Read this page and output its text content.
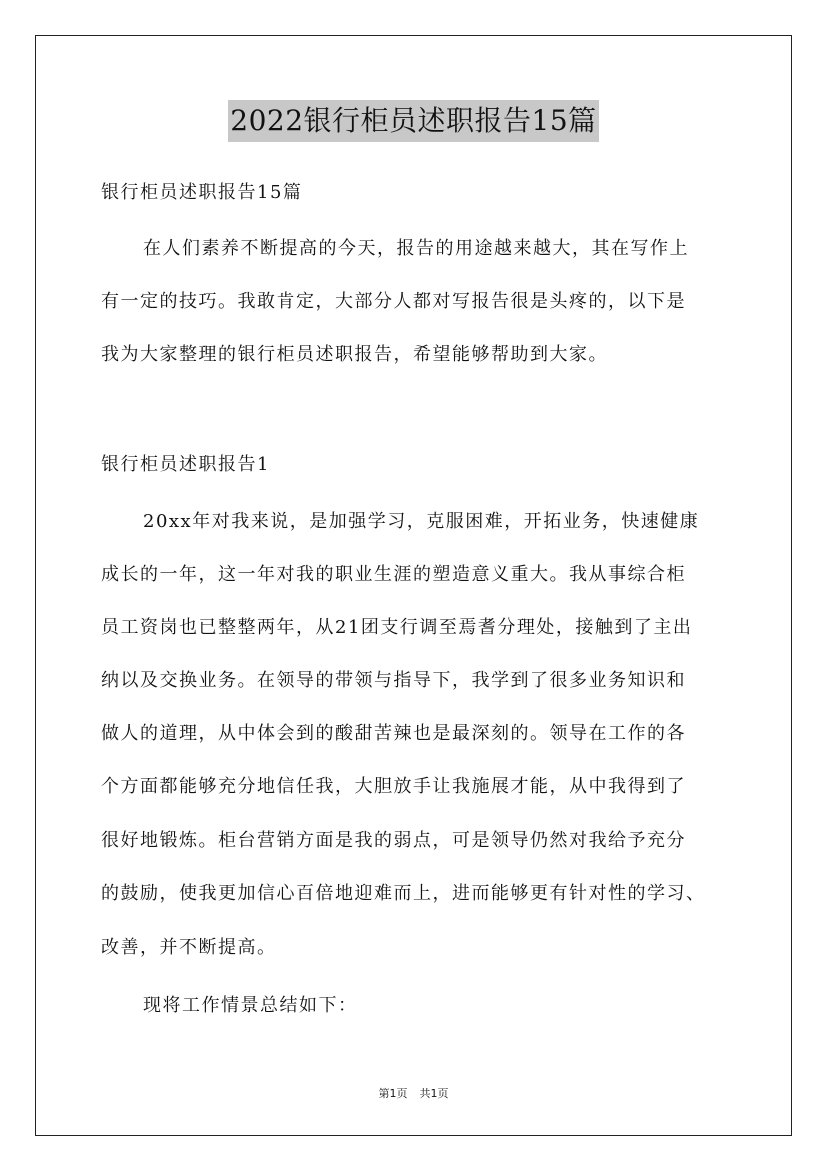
2022银行柜员述职报告15篇
银行柜员述职报告15篇
在人们素养不断提高的今天，报告的用途越来越大，其在写作上
有一定的技巧。我敢肯定，大部分人都对写报告很是头疼的，以下是
我为大家整理的银行柜员述职报告，希望能够帮助到大家。
银行柜员述职报告1
20xx年对我来说，是加强学习，克服困难，开拓业务，快速健康
成长的一年，这一年对我的职业生涯的塑造意义重大。我从事综合柜
员工资岗也已整整两年，从21团支行调至焉耆分理处，接触到了主出
纳以及交换业务。在领导的带领与指导下，我学到了很多业务知识和
做人的道理，从中体会到的酸甜苦辣也是最深刻的。领导在工作的各
个方面都能够充分地信任我，大胆放手让我施展才能，从中我得到了
很好地锻炼。柜台营销方面是我的弱点，可是领导仍然对我给予充分
的鼓励，使我更加信心百倍地迎难而上，进而能够更有针对性的学习、
改善，并不断提高。
现将工作情景总结如下：
第1页 共1页
